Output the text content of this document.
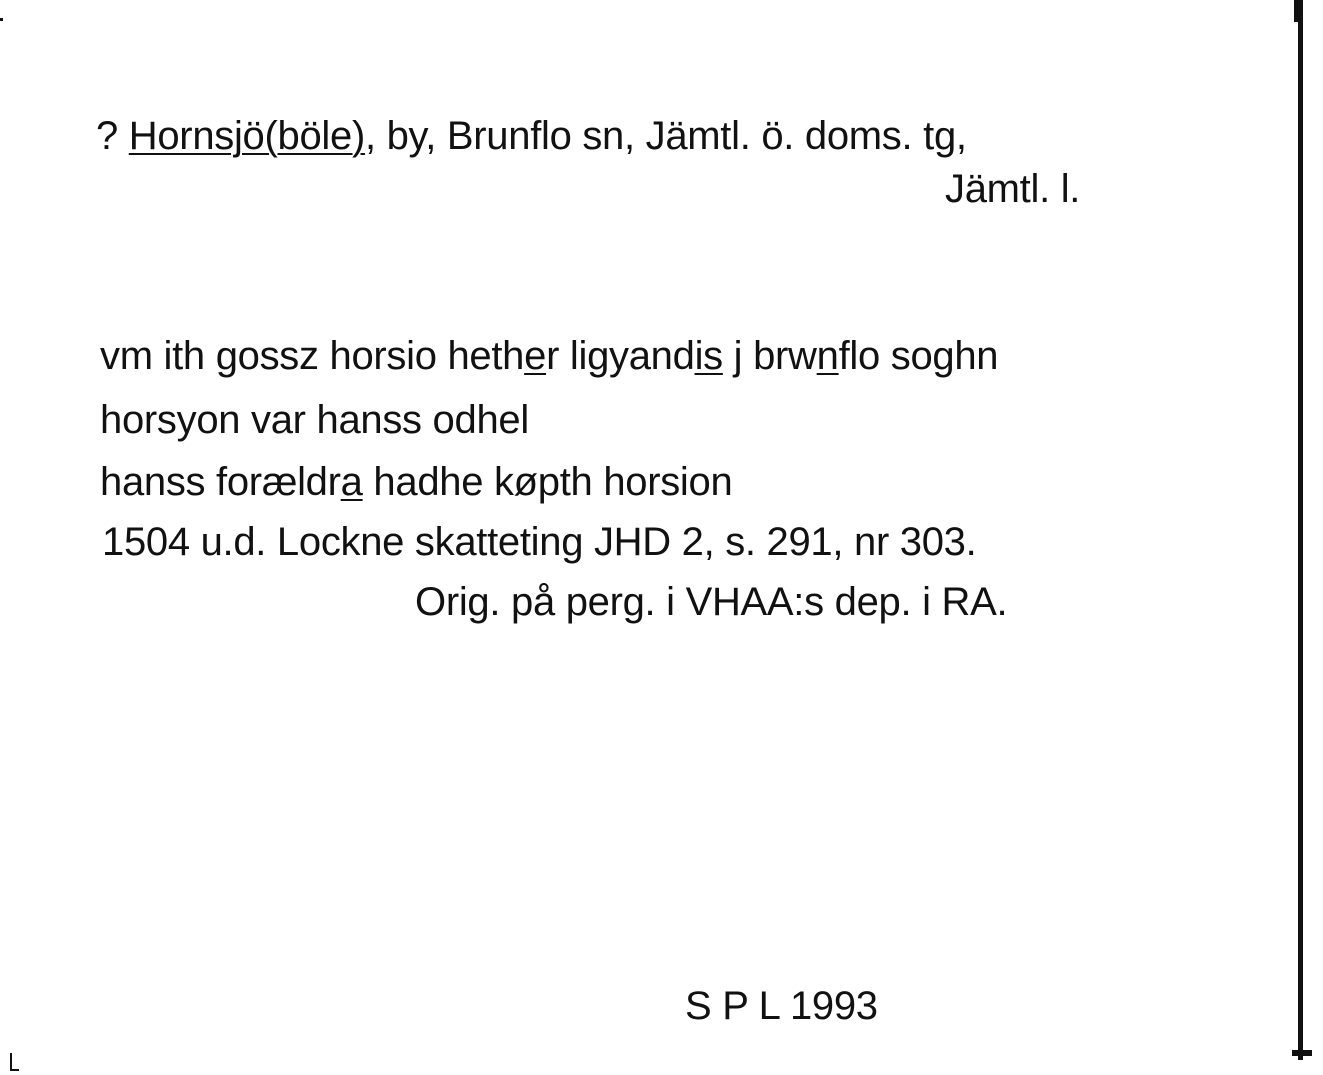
? Hornsjö(böle), by, Brunflo sn, Jämtl. ö. doms. tg,
Jämtl. l.
vm ith gossz horsio hether ligyandis j brwnflo soghn
horsyon var hanss odhel
hanss forældra hadhe køpth horsion
1504 u.d. Lockne skatteting JHD 2, s. 291, nr 303.
Orig. på perg. i VHAA:s dep. i RA.
S P L 1993
